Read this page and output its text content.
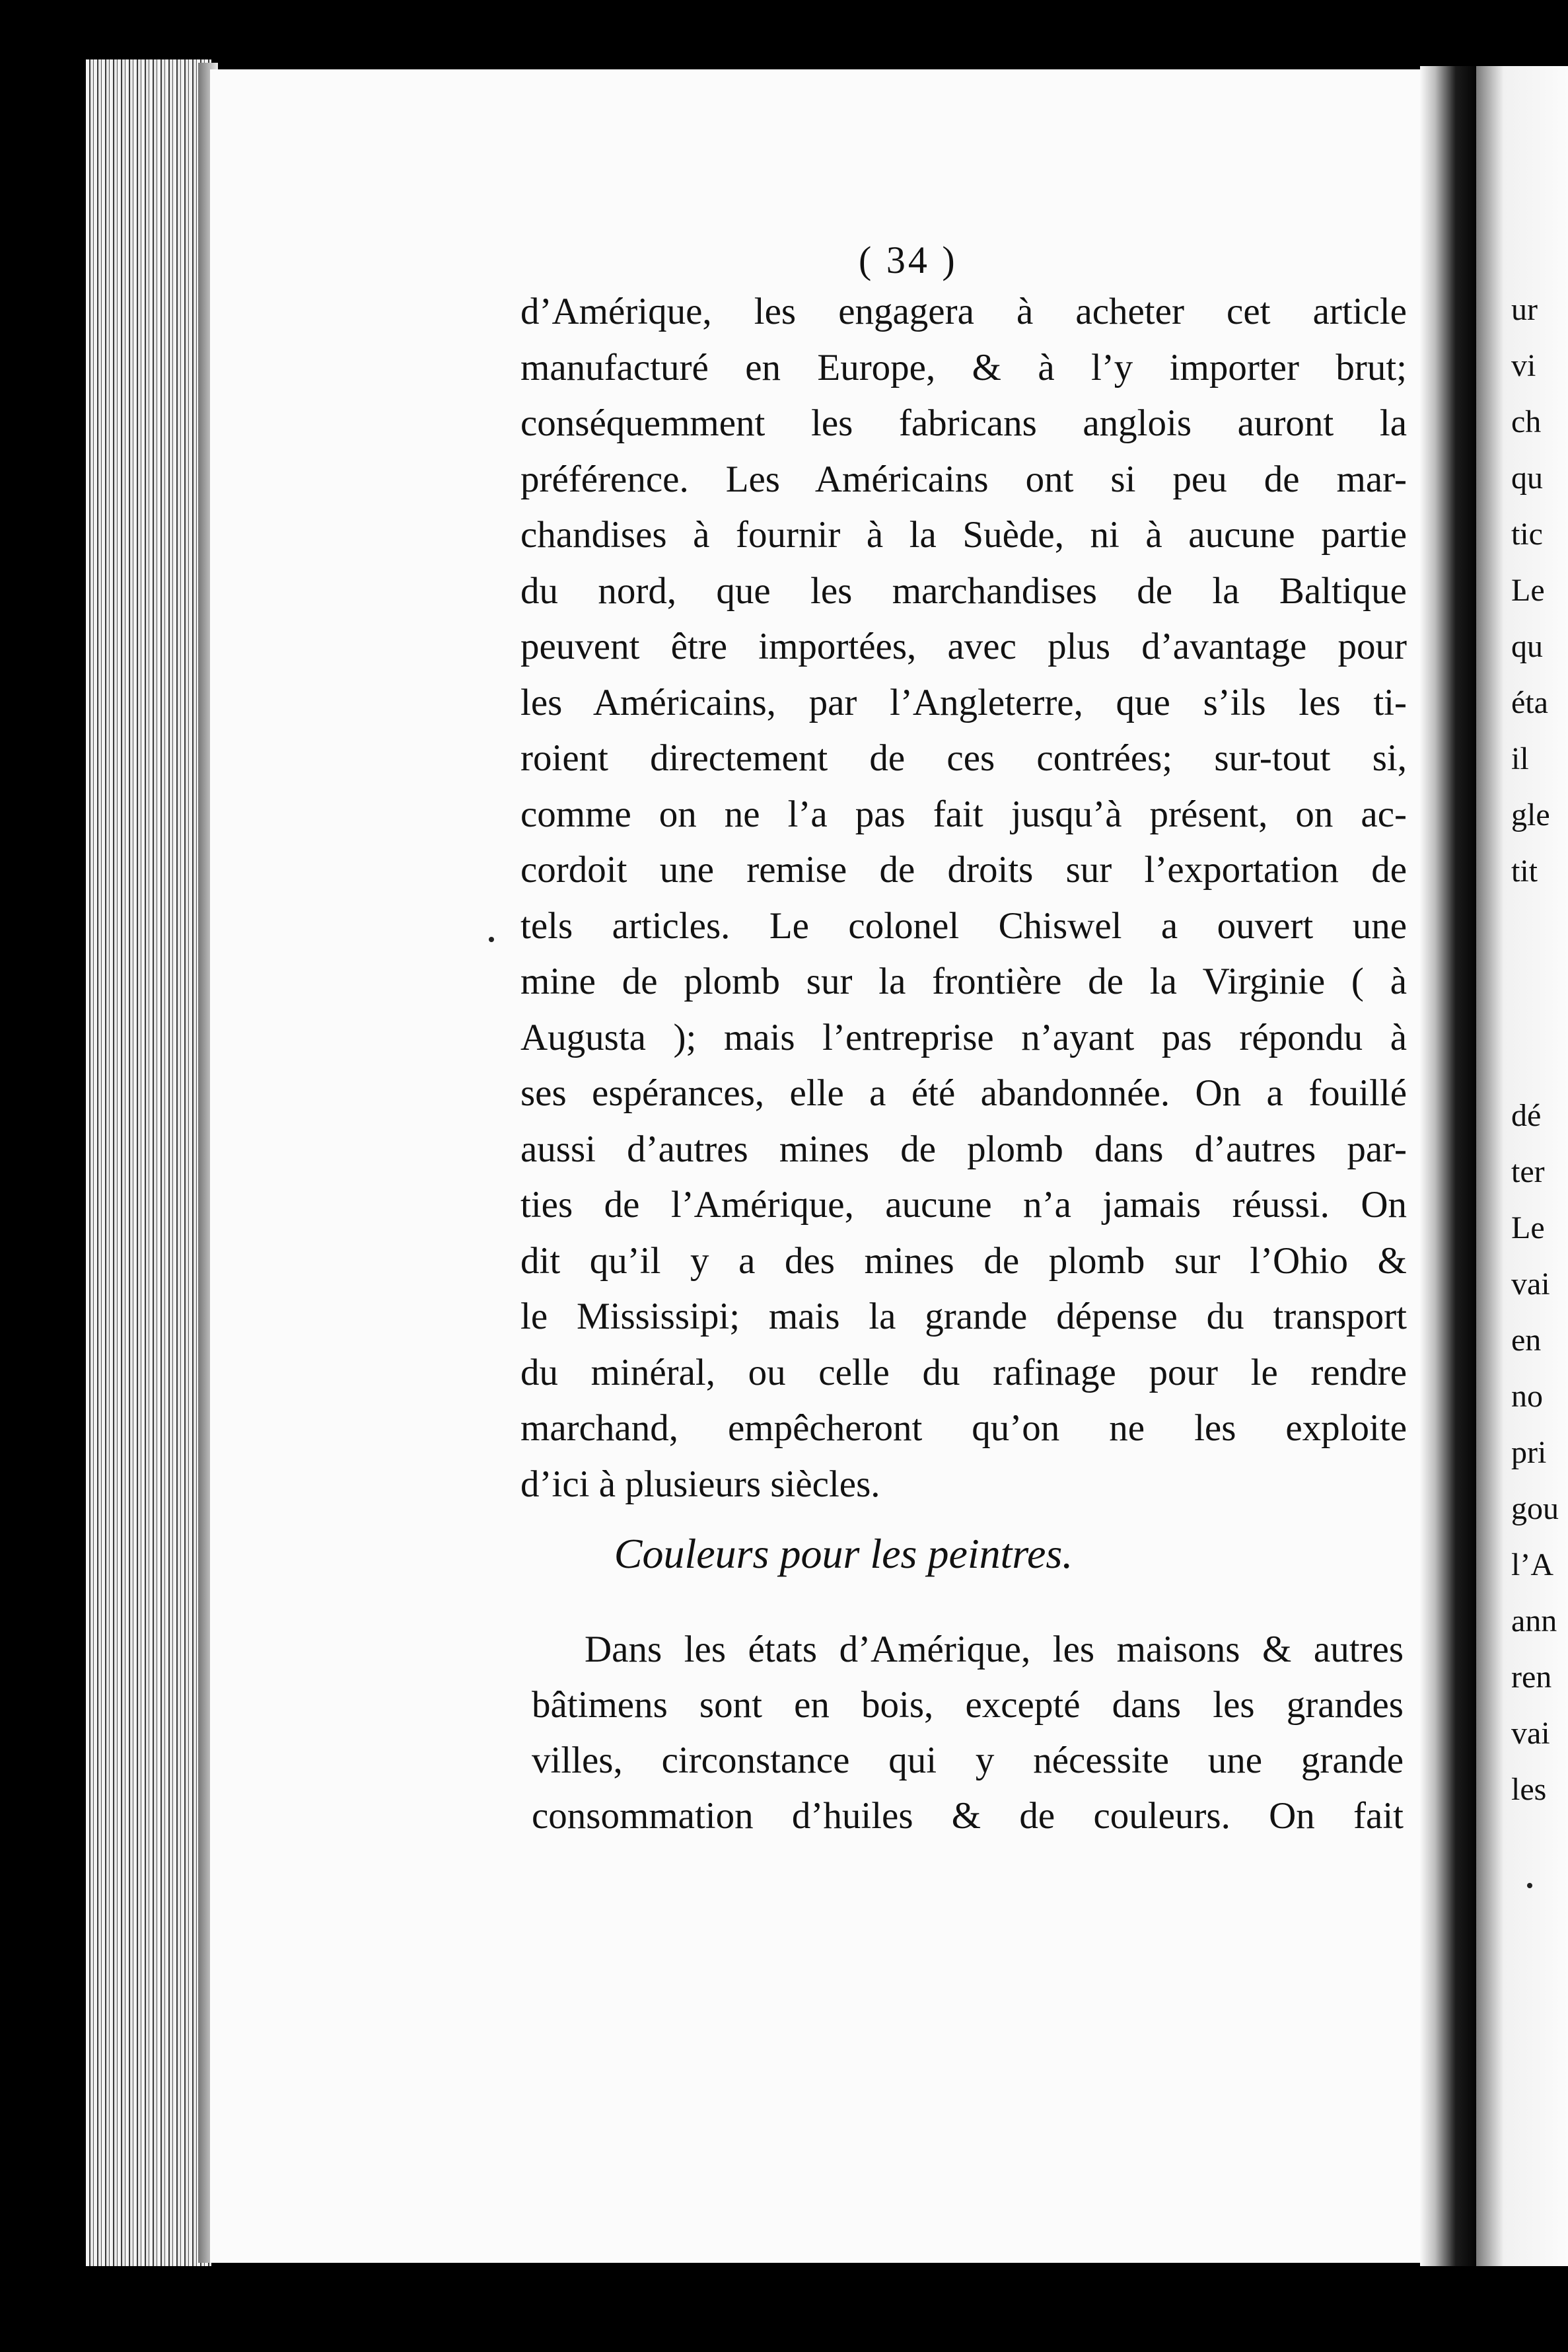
( 34 )
d’Amérique, les engagera à acheter cet article
manufacturé en Europe, & à l’y importer brut;
conséquemment les fabricans anglois auront la
préférence. Les Américains ont si peu de mar-
chandises à fournir à la Suède, ni à aucune partie
du nord, que les marchandises de la Baltique
peuvent être importées, avec plus d’avantage pour
les Américains, par l’Angleterre, que s’ils les ti-
roient directement de ces contrées; sur-tout si,
comme on ne l’a pas fait jusqu’à présent, on ac-
cordoit une remise de droits sur l’exportation de
tels articles. Le colonel Chiswel a ouvert une
mine de plomb sur la frontière de la Virginie ( à
Augusta ); mais l’entreprise n’ayant pas répondu à
ses espérances, elle a été abandonnée. On a fouillé
aussi d’autres mines de plomb dans d’autres par-
ties de l’Amérique, aucune n’a jamais réussi. On
dit qu’il y a des mines de plomb sur l’Ohio &
le Mississipi; mais la grande dépense du transport
du minéral, ou celle du rafinage pour le rendre
marchand, empêcheront qu’on ne les exploite
d’ici à plusieurs siècles.
Couleurs pour les peintres.
Dans les états d’Amérique, les maisons & autres
bâtimens sont en bois, excepté dans les grandes
villes, circonstance qui y nécessite une grande
consommation d’huiles & de couleurs. On fait
ur
vi
ch
qu
tic
Le
qu
éta
il
gle
tit
dé
ter
Le
vai
en
no
pri
gou
l’A
ann
ren
vai
les
